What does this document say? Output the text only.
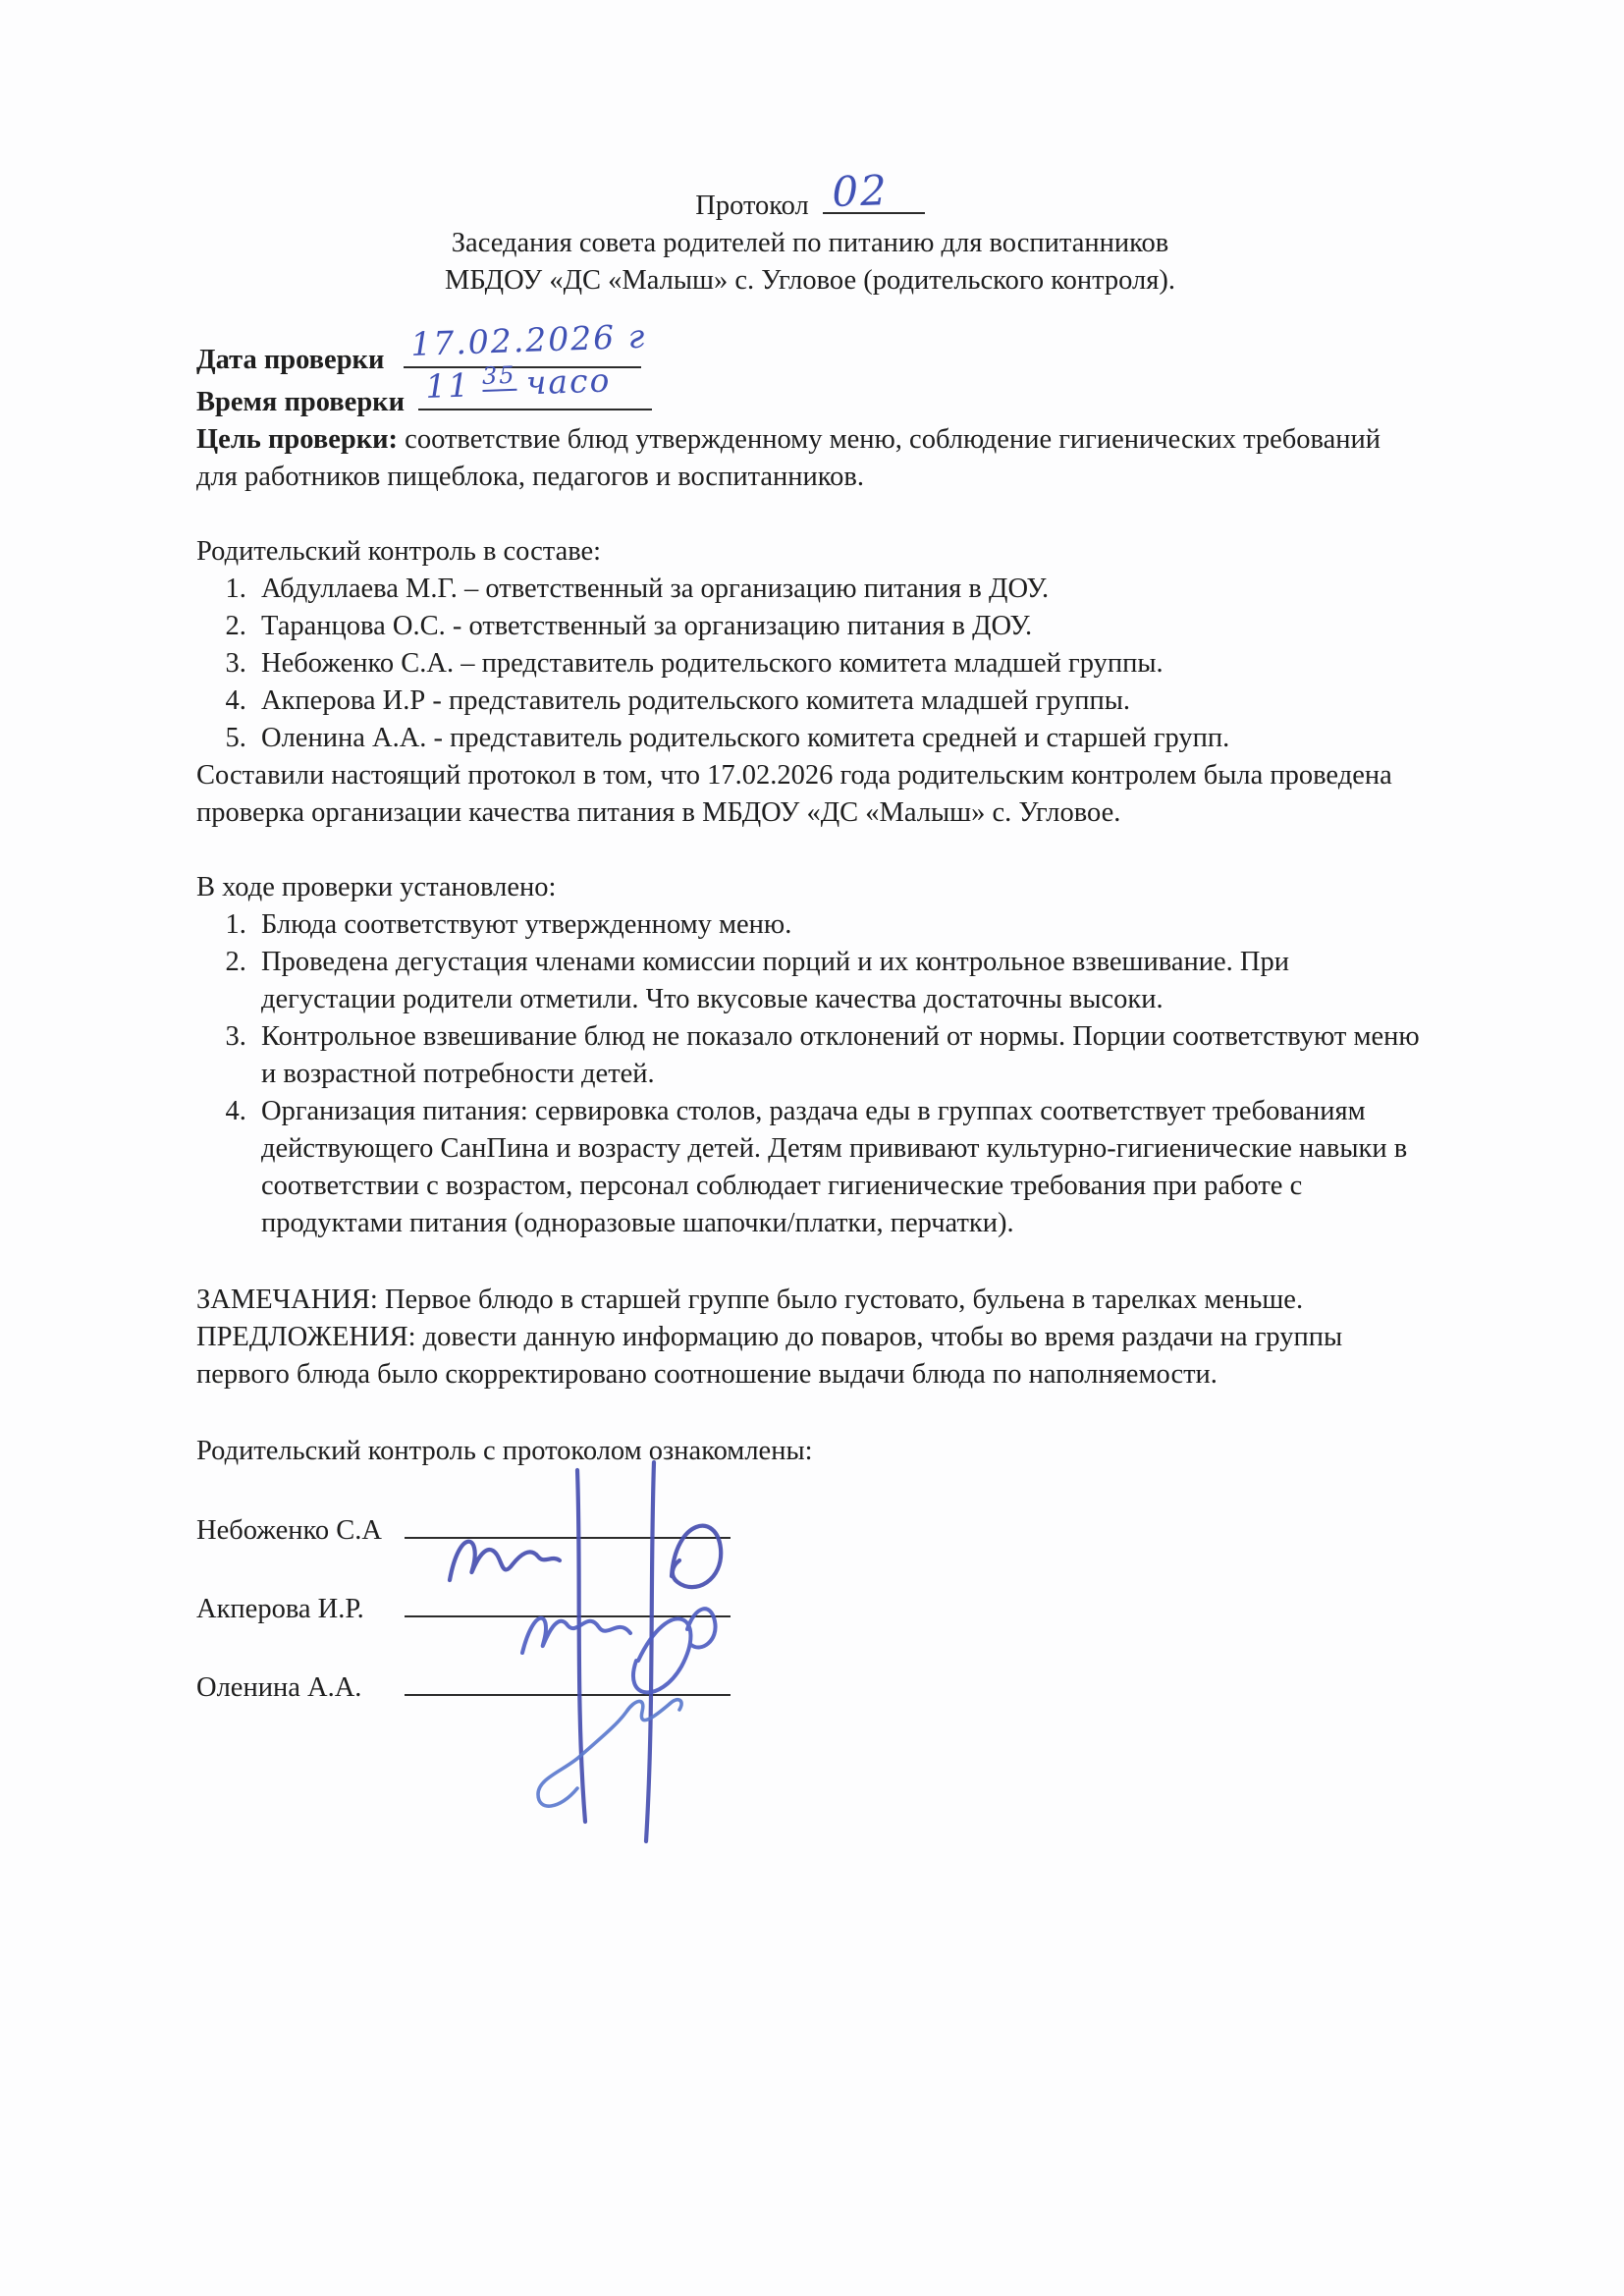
Протокол 02
Заседания совета родителей по питанию для воспитанников
МБДОУ «ДС «Малыш» с. Угловое (родительского контроля).
Дата проверки 17.02.2026 г
Время проверки 11 $^{35}$ часо

Цель проверки: соответствие блюд утвержденному меню, соблюдение гигиенических требований для работников пищеблока, педагогов и воспитанников.

Родительский контроль в составе:

1. Абдуллаева М.Г. – ответственный за организацию питания в ДОУ.
2. Таранцова О.С. - ответственный за организацию питания в ДОУ.
3. Небоженко С.А. – представитель родительского комитета младшей группы.
4. Акперова И.Р - представитель родительского комитета младшей группы.
5. Оленина А.А. - представитель родительского комитета средней и старшей групп.

Составили настоящий протокол в том, что 17.02.2026 года родительским контролем была проведена проверка организации качества питания в МБДОУ «ДС «Малыш» с. Угловое.

В ходе проверки установлено:

1. Блюда соответствуют утвержденному меню.
2. Проведена дегустация членами комиссии порций и их контрольное взвешивание. При дегустации родители отметили. Что вкусовые качества достаточны высоки.
3. Контрольное взвешивание блюд не показало отклонений от нормы. Порции соответствуют меню и возрастной потребности детей.
4. Организация питания: сервировка столов, раздача еды в группах соответствует требованиям действующего СанПина и возрасту детей. Детям прививают культурно-гигиенические навыки в соответствии с возрастом, персонал соблюдает гигиенические требования при работе с продуктами питания (одноразовые шапочки/платки, перчатки).

ЗАМЕЧАНИЯ: Первое блюдо в старшей группе было густовато, бульена в тарелках меньше.

ПРЕДЛОЖЕНИЯ: довести данную информацию до поваров, чтобы во время раздачи на группы первого блюда было скорректировано соотношение выдачи блюда по наполняемости.

Родительский контроль с протоколом ознакомлены:

Небоженко С.А
Акперова И.Р.
Оленина А.А.
